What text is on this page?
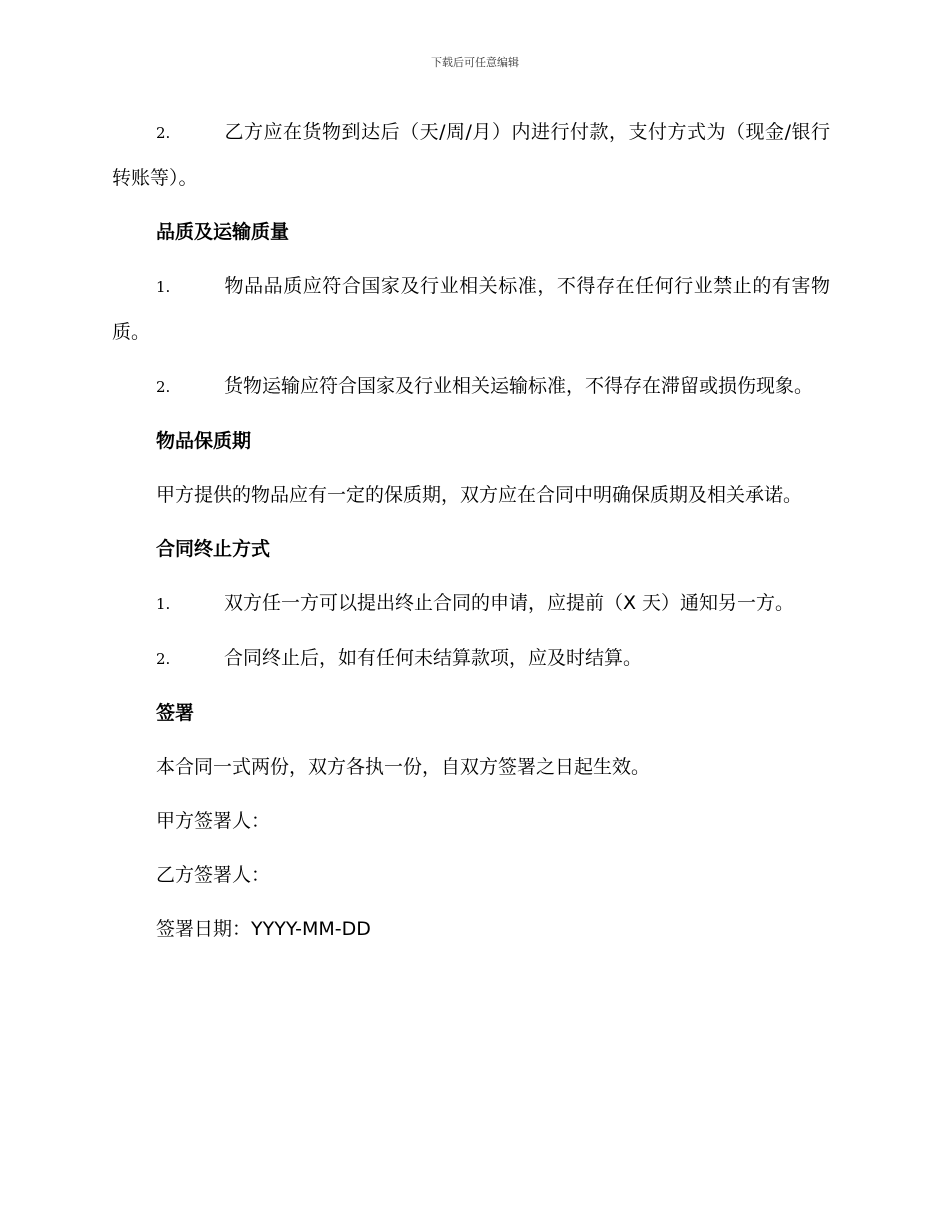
下载后可任意编辑

2.	乙方应在货物到达后（天/周/月）内进行付款，支付方式为（现金/银行转账等）。

品质及运输质量

1.	物品品质应符合国家及行业相关标准，不得存在任何行业禁止的有害物质。

2.	货物运输应符合国家及行业相关运输标准，不得存在滞留或损伤现象。

物品保质期

甲方提供的物品应有一定的保质期，双方应在合同中明确保质期及相关承诺。

合同终止方式

1.	双方任一方可以提出终止合同的申请，应提前（X 天）通知另一方。

2.	合同终止后，如有任何未结算款项，应及时结算。

签署
本合同一式两份，双方各执一份，自双方签署之日起生效。
甲方签署人：
乙方签署人：
签署日期：YYYY-MM-DD
